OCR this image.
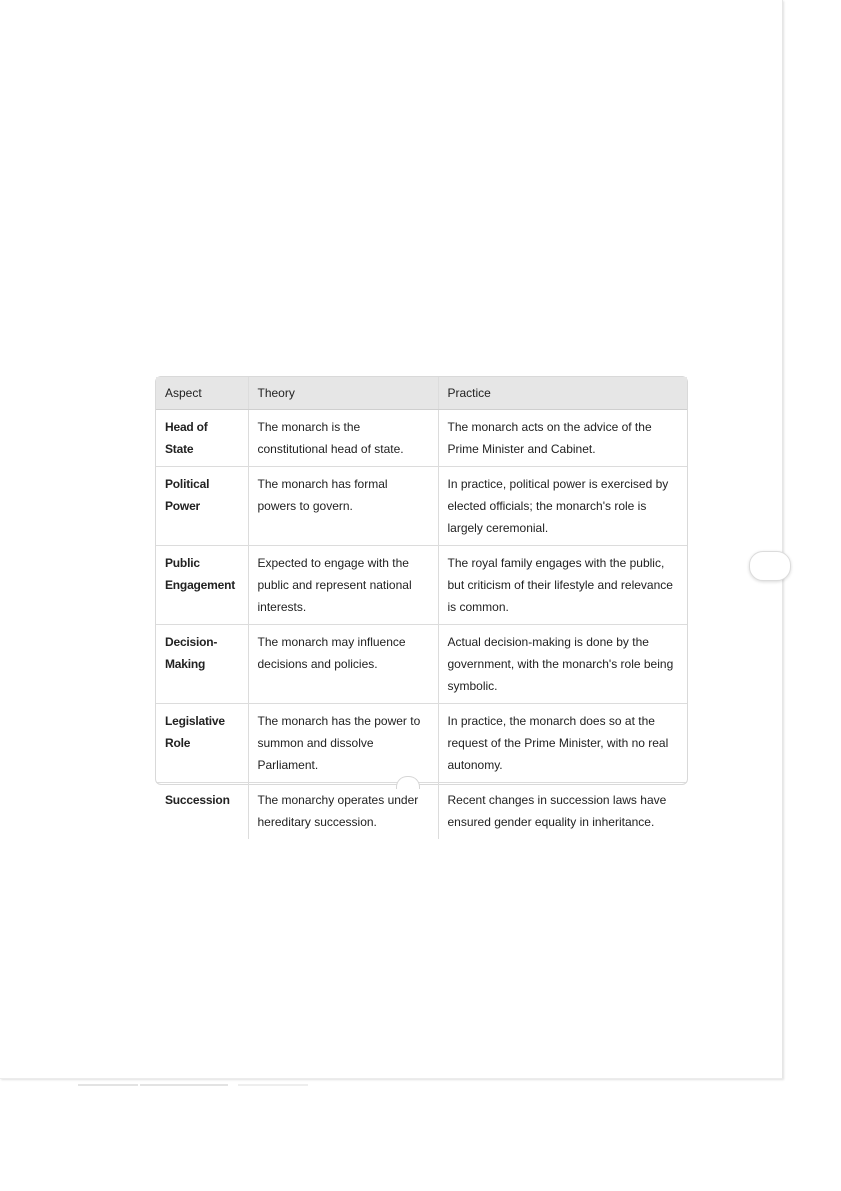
Aspect	Theory	Practice
Head of State	The monarch is the constitutional head of state.	The monarch acts on the advice of the Prime Minister and Cabinet.
Political Power	The monarch has formal powers to govern.	In practice, political power is exercised by elected officials; the monarch's role is largely ceremonial.
Public Engagement	Expected to engage with the public and represent national interests.	The royal family engages with the public, but criticism of their lifestyle and relevance is common.
Decision-Making	The monarch may influence decisions and policies.	Actual decision-making is done by the government, with the monarch's role being symbolic.
Legislative Role	The monarch has the power to summon and dissolve Parliament.	In practice, the monarch does so at the request of the Prime Minister, with no real autonomy.
Succession	The monarchy operates under hereditary succession.	Recent changes in succession laws have ensured gender equality in inheritance.
